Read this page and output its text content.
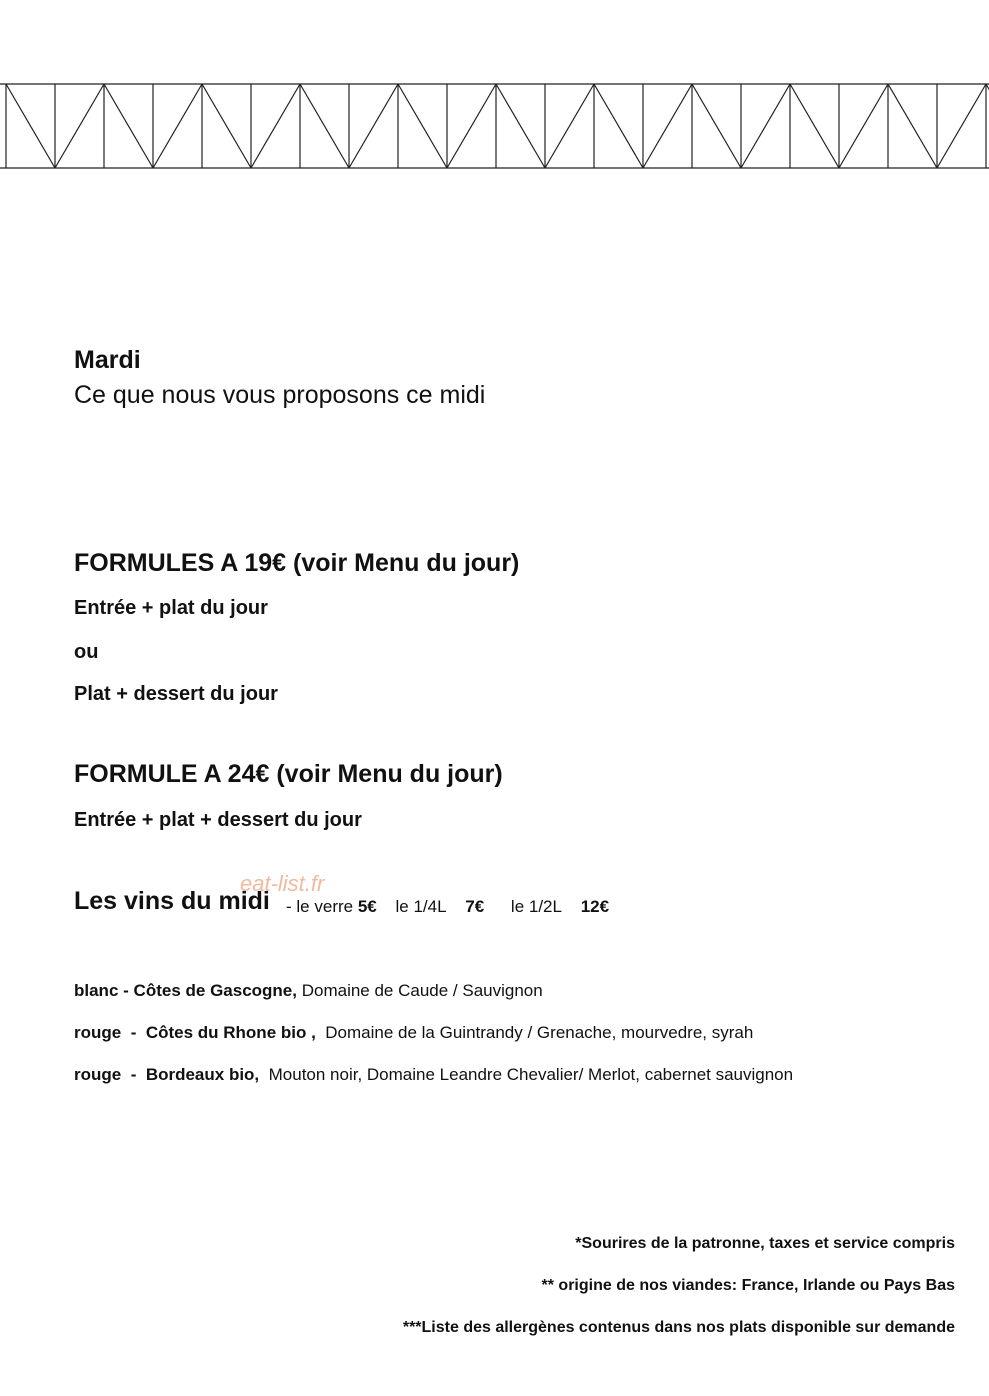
Mardi
Ce que nous vous proposons ce midi
FORMULES A 19€ (voir Menu du jour)
Entrée + plat du jour
ou
Plat + dessert du jour
FORMULE A 24€ (voir Menu du jour)
Entrée + plat + dessert du jour
eat-list.fr
Les vins du midi - le verre 5€ le 1/4L 7€ le 1/2L 12€
blanc - Côtes de Gascogne, Domaine de Caude / Sauvignon
rouge - Côtes du Rhone bio , Domaine de la Guintrandy / Grenache, mourvedre, syrah
rouge - Bordeaux bio, Mouton noir, Domaine Leandre Chevalier/ Merlot, cabernet sauvignon
*Sourires de la patronne, taxes et service compris
** origine de nos viandes: France, Irlande ou Pays Bas
***Liste des allergènes contenus dans nos plats disponible sur demande
